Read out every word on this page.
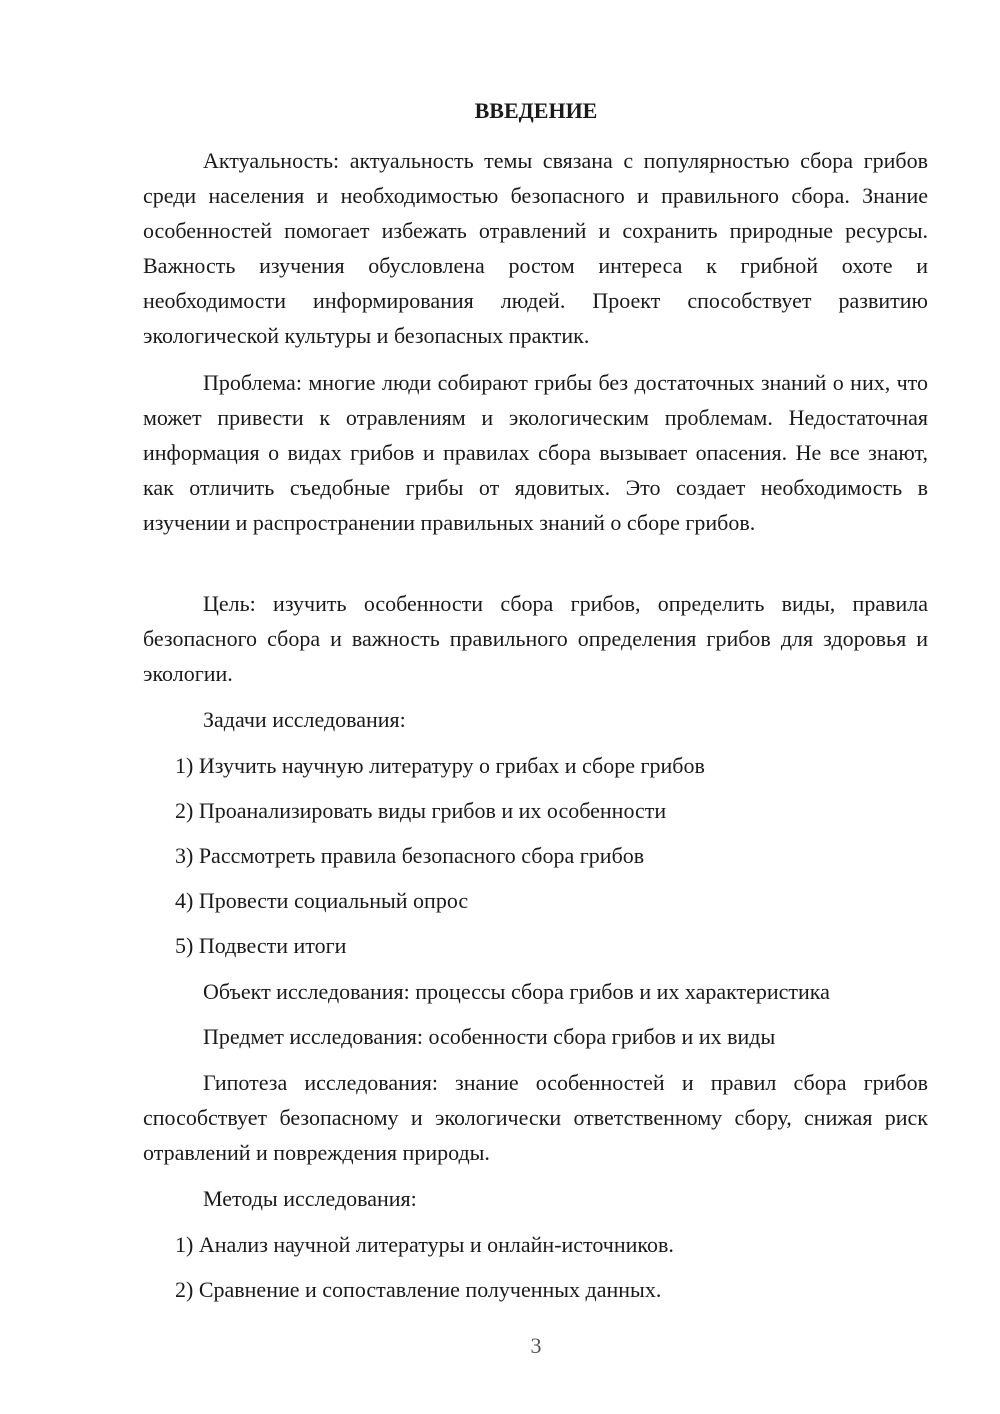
ВВЕДЕНИЕ

Актуальность: актуальность темы связана с популярностью сбора грибов среди населения и необходимостью безопасного и правильного сбора. Знание особенностей помогает избежать отравлений и сохранить природные ресурсы. Важность изучения обусловлена ростом интереса к грибной охоте и необходимости информирования людей. Проект способствует развитию экологической культуры и безопасных практик.

Проблема: многие люди собирают грибы без достаточных знаний о них, что может привести к отравлениям и экологическим проблемам. Недостаточная информация о видах грибов и правилах сбора вызывает опасения. Не все знают, как отличить съедобные грибы от ядовитых. Это создает необходимость в изучении и распространении правильных знаний о сборе грибов.

Цель: изучить особенности сбора грибов, определить виды, правила безопасного сбора и важность правильного определения грибов для здоровья и экологии.

Задачи исследования:

1) Изучить научную литературу о грибах и сборе грибов

2) Проанализировать виды грибов и их особенности

3) Рассмотреть правила безопасного сбора грибов

4) Провести социальный опрос

5) Подвести итоги

Объект исследования: процессы сбора грибов и их характеристика

Предмет исследования: особенности сбора грибов и их виды

Гипотеза исследования: знание особенностей и правил сбора грибов способствует безопасному и экологически ответственному сбору, снижая риск отравлений и повреждения природы.

Методы исследования:

1) Анализ научной литературы и онлайн-источников.

2) Сравнение и сопоставление полученных данных.

3
